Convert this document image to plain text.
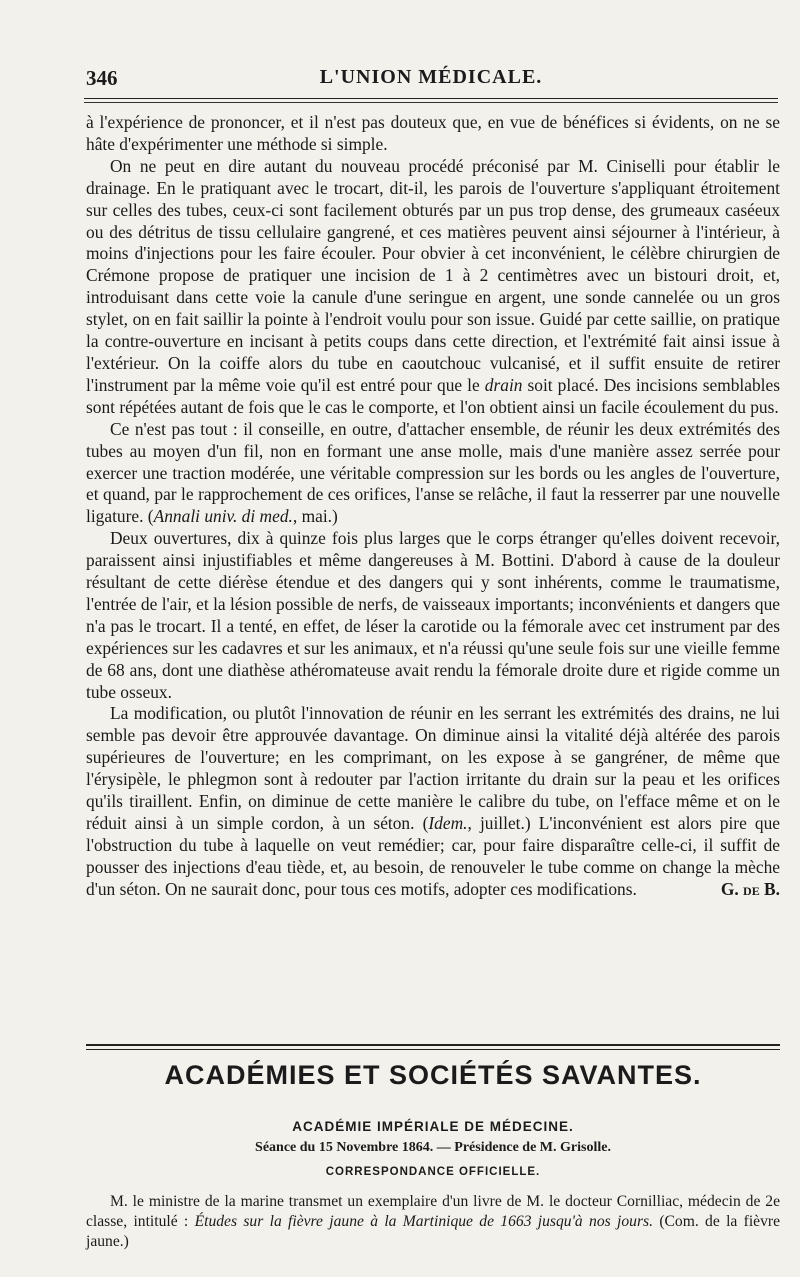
346	L'UNION MÉDICALE.

à l'expérience de prononcer, et il n'est pas douteux que, en vue de bénéfices si évidents, on ne se hâte d'expérimenter une méthode si simple.

On ne peut en dire autant du nouveau procédé préconisé par M. Ciniselli pour établir le drainage. En le pratiquant avec le trocart, dit-il, les parois de l'ouverture s'appliquant étroitement sur celles des tubes, ceux-ci sont facilement obturés par un pus trop dense, des grumeaux caséeux ou des détritus de tissu cellulaire gangrené, et ces matières peuvent ainsi séjourner à l'intérieur, à moins d'injections pour les faire écouler. Pour obvier à cet inconvénient, le célèbre chirurgien de Crémone propose de pratiquer une incision de 1 à 2 centimètres avec un bistouri droit, et, introduisant dans cette voie la canule d'une seringue en argent, une sonde cannelée ou un gros stylet, on en fait saillir la pointe à l'endroit voulu pour son issue. Guidé par cette saillie, on pratique la contre-ouverture en incisant à petits coups dans cette direction, et l'extrémité fait ainsi issue à l'extérieur. On la coiffe alors du tube en caoutchouc vulcanisé, et il suffit ensuite de retirer l'instrument par la même voie qu'il est entré pour que le drain soit placé. Des incisions semblables sont répétées autant de fois que le cas le comporte, et l'on obtient ainsi un facile écoulement du pus.

Ce n'est pas tout : il conseille, en outre, d'attacher ensemble, de réunir les deux extrémités des tubes au moyen d'un fil, non en formant une anse molle, mais d'une manière assez serrée pour exercer une traction modérée, une véritable compression sur les bords ou les angles de l'ouverture, et quand, par le rapprochement de ces orifices, l'anse se relâche, il faut la resserrer par une nouvelle ligature. (Annali univ. di med., mai.)

Deux ouvertures, dix à quinze fois plus larges que le corps étranger qu'elles doivent recevoir, paraissent ainsi injustifiables et même dangereuses à M. Bottini. D'abord à cause de la douleur résultant de cette diérèse étendue et des dangers qui y sont inhérents, comme le traumatisme, l'entrée de l'air, et la lésion possible de nerfs, de vaisseaux importants; inconvénients et dangers que n'a pas le trocart. Il a tenté, en effet, de léser la carotide ou la fémorale avec cet instrument par des expériences sur les cadavres et sur les animaux, et n'a réussi qu'une seule fois sur une vieille femme de 68 ans, dont une diathèse athéromateuse avait rendu la fémorale droite dure et rigide comme un tube osseux.

La modification, ou plutôt l'innovation de réunir en les serrant les extrémités des drains, ne lui semble pas devoir être approuvée davantage. On diminue ainsi la vitalité déjà altérée des parois supérieures de l'ouverture; en les comprimant, on les expose à se gangréner, de même que l'érysipèle, le phlegmon sont à redouter par l'action irritante du drain sur la peau et les orifices qu'ils tiraillent. Enfin, on diminue de cette manière le calibre du tube, on l'efface même et on le réduit ainsi à un simple cordon, à un séton. (Idem., juillet.) L'inconvénient est alors pire que l'obstruction du tube à laquelle on veut remédier; car, pour faire disparaître celle-ci, il suffit de pousser des injections d'eau tiède, et, au besoin, de renouveler le tube comme on change la mèche d'un séton. On ne saurait donc, pour tous ces motifs, adopter ces modifications.	G. de B.

ACADÉMIES ET SOCIÉTÉS SAVANTES.
ACADÉMIE IMPÉRIALE DE MÉDECINE.
Séance du 15 Novembre 1864. — Présidence de M. Grisolle.
CORRESPONDANCE OFFICIELLE.

M. le ministre de la marine transmet un exemplaire d'un livre de M. le docteur Cornilliac, médecin de 2e classe, intitulé : Études sur la fièvre jaune à la Martinique de 1663 jusqu'à nos jours. (Com. de la fièvre jaune.)
